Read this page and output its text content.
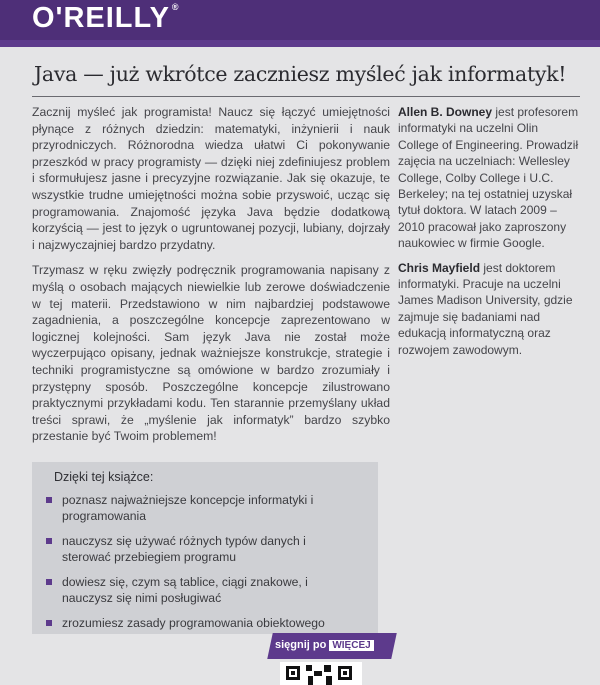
O'REILLY ®
Java — już wkrótce zaczniesz myśleć jak informatyk!

Zacznij myśleć jak programista! Naucz się łączyć umiejętności płynące z różnych dziedzin: matematyki, inżynierii i nauk przyrodniczych. Różnorodna wiedza ułatwi Ci pokonywanie przeszkód w pracy programisty — dzięki niej zdefiniujesz problem i sformułujesz jasne i precyzyjne rozwiązanie. Jak się okazuje, te wszystkie trudne umiejętności można sobie przyswoić, ucząc się programowania. Znajomość języka Java będzie dodatkową korzyścią — jest to język o ugruntowanej pozycji, lubiany, dojrzały i najzwyczajniej bardzo przydatny.

Trzymasz w ręku zwięzły podręcznik programowania napisany z myślą o osobach mających niewielkie lub zerowe doświadczenie w tej materii. Przedstawiono w nim najbardziej podstawowe zagadnienia, a poszczególne koncepcje zaprezentowano w logicznej kolejności. Sam język Java nie został może wyczerpująco opisany, jednak ważniejsze konstrukcje, strategie i techniki programistyczne są omówione w bardzo zrozumiały i przystępny sposób. Poszczególne koncepcje zilustrowano praktycznymi przykładami kodu. Ten starannie przemyślany układ treści sprawi, że „myślenie jak informatyk” bardzo szybko przestanie być Twoim problemem!

Allen B. Downey jest profesorem informatyki na uczelni Olin College of Engineering. Prowadził zajęcia na uczelniach: Wellesley College, Colby College i U.C. Berkeley; na tej ostatniej uzyskał tytuł doktora. W latach 2009 – 2010 pracował jako zaproszony naukowiec w firmie Google.

Chris Mayfield jest doktorem informatyki. Pracuje na uczelni James Madison University, gdzie zajmuje się badaniami nad edukacją informatyczną oraz rozwojem zawodowym.

Dzięki tej książce:
poznasz najważniejsze koncepcje informatyki i programowania
nauczysz się używać różnych typów danych i sterować przebiegiem programu
dowiesz się, czym są tablice, ciągi znakowe, i nauczysz się nimi posługiwać
zrozumiesz zasady programowania obiektowego
sięgnij po WIĘCEJ
